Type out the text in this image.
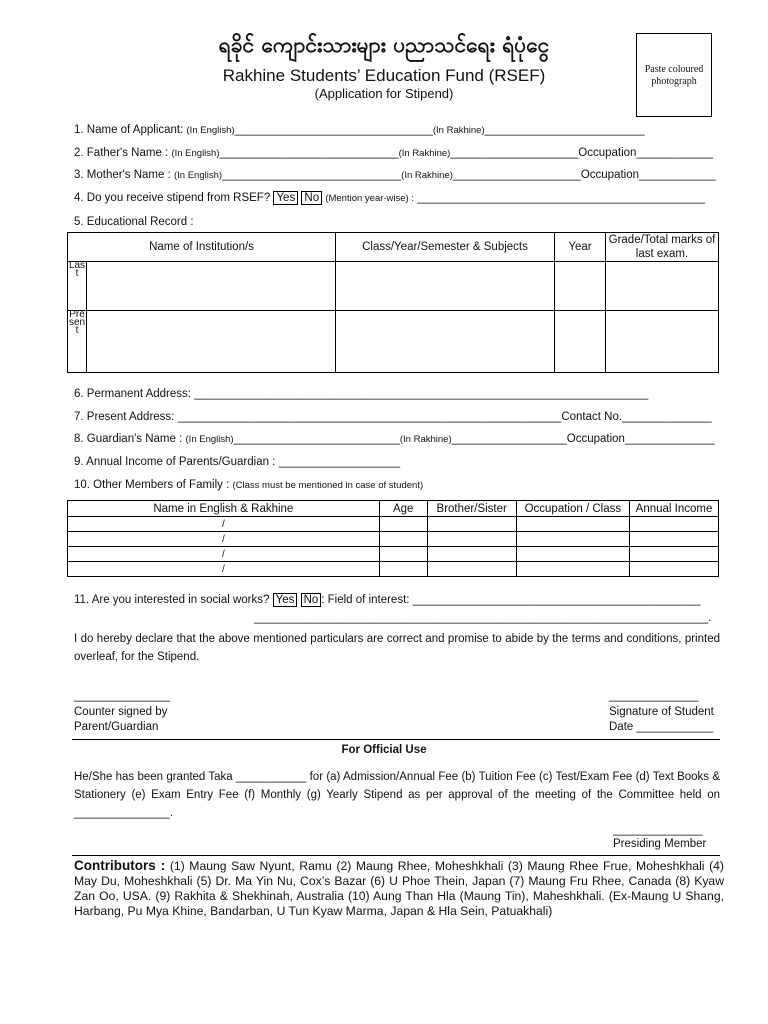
ရခိုင် ကျောင်းသားများ ပညာသင်ရေး ရံပုံငွေ
Rakhine Students’ Education Fund (RSEF)
(Application for Stipend)
Paste coloured photograph
1. Name of Applicant: (In English)_______________________________(In Rakhine)_________________________
2. Father's Name : (In English)____________________________(In Rakhine)____________________Occupation____________
3. Mother's Name : (In English)____________________________(In Rakhine)____________________Occupation____________
4. Do you receive stipend from RSEF? Yes No (Mention year-wise) : _____________________________________________
5. Educational Record :
Name of Institution/s		Class/Year/Semester & Subjects	Year	Grade/Total marks of last exam.
Last				
Present				
6. Permanent Address: _______________________________________________________________________
7. Present Address: ____________________________________________________________Contact No.______________
8. Guardian's Name : (In English)__________________________(In Rakhine)__________________Occupation______________
9. Annual Income of Parents/Guardian : ___________________
10. Other Members of Family : (Class must be mentioned in case of student)
Name in English & Rakhine	Age	Brother/Sister	Occupation / Class	Annual Income
/				
/				
/				
/				
11. Are you interested in social works? Yes No : Field of interest: _____________________________________________
_______________________________________________________________________.
I do hereby declare that the above mentioned particulars are correct and promise to abide by the terms and conditions, printed overleaf, for the Stipend.
_______________
Counter signed by
Parent/Guardian
______________
Signature of Student
Date ____________
For Official Use
He/She has been granted Taka ___________ for (a) Admission/Annual Fee (b) Tuition Fee (c) Test/Exam Fee (d) Text Books & Stationery (e) Exam Entry Fee (f) Monthly (g) Yearly Stipend as per approval of the meeting of the Committee held on _______________.
______________
Presiding Member
Contributors : (1) Maung Saw Nyunt, Ramu (2) Maung Rhee, Moheshkhali (3) Maung Rhee Frue, Moheshkhali (4) May Du, Moheshkhali (5) Dr. Ma Yin Nu, Cox’s Bazar (6) U Phoe Thein, Japan (7) Maung Fru Rhee, Canada (8) Kyaw Zan Oo, USA. (9) Rakhita & Shekhinah, Australia (10) Aung Than Hla (Maung Tin), Maheshkhali. (Ex-Maung U Shang, Harbang, Pu Mya Khine, Bandarban, U Tun Kyaw Marma, Japan & Hla Sein, Patuakhali)
